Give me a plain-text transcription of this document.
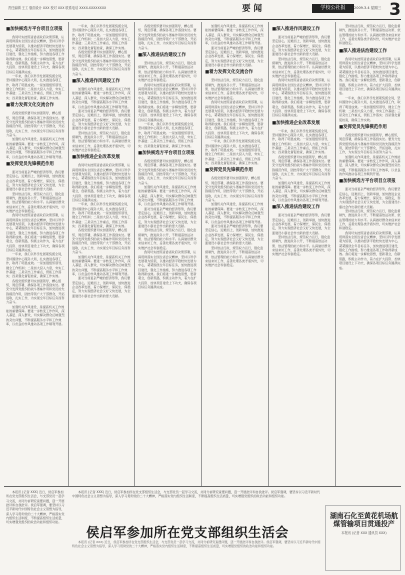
责任编辑 王工 版面设计 XXX 校对 XXX 联系电话 XXXX-XXXXXXXX	要 闻	学校公社报	2009.3.4 星期三 3

■加快候选方平台项目立项报

我局切实按照省委省政府决策部署，认真贯彻落实全国全省会议精神，坚持以科学发展观为统领，以推动经济平稳较快发展为中心，紧紧围绕全年目标任务，加快推进项目建设，强化工作措施，努力推进各项工作取得新成效。我们将进一步解放思想，更新观念，创新思路，积极主动作为，着力在扩大投资、加快项目建设上下功夫，确保各项目标任务圆满完成。

一年来，我们以科学发展观统揽全局，坚持围绕中心服务大局，扎实推进各项工作，取得了明显成效。一是加强组织领导，健全工作机制；二是加大投入力度，夯实工作基础；三是突出工作重点，狠抓工作落实；四是强化督促检查，确保工作实效。

■着力发挥文化交流合作

各级党组织要切实加强领导，精心组织，周密部署，确保各项工作落到实处。要充分发挥党组织的战斗堡垒作用和党员的先锋模范作用，团结带领广大干部群众，开拓进取，扎实工作，为实现全年目标任务而努力奋斗。

加强机关作风建设，是提高机关工作效能的重要保障。要进一步转变工作作风，深入基层、深入群众，切实解决群众反映强烈的突出问题，不断提高服务水平和工作效率，以优良的作风推动各项工作顺利开展。

■发挥党员先锋模范作用

面对当前复杂严峻的经济形势，我们要坚定信心，迎难而上，创新举措，加快推进企业改革发展，着力保增长、保民生、保稳定，努力实现经济社会又好又快发展，为全面建设小康社会作出新的更大贡献。

坚持依法行政，规范权力运行，强化监督制约，推进政务公开，不断提高依法决策、依法管理的能力和水平。认真做好群众来信来访工作，妥善处理各类矛盾纠纷，切实维护社会和谐稳定。

我局切实按照省委省政府决策部署，认真贯彻落实全国全省会议精神，坚持以科学发展观为统领，以推动经济平稳较快发展为中心，紧紧围绕全年目标任务，加快推进项目建设，强化工作措施，努力推进各项工作取得新成效。我们将进一步解放思想，更新观念，创新思路，积极主动作为，着力在扩大投资、加快项目建设上下功夫，确保各项目标任务圆满完成。

一年来，我们以科学发展观统揽全局，坚持围绕中心服务大局，扎实推进各项工作，取得了明显成效。一是加强组织领导，健全工作机制；二是加大投入力度，夯实工作基础；三是突出工作重点，狠抓工作落实；四是强化督促检查，确保工作实效。

各级党组织要切实加强领导，精心组织，周密部署，确保各项工作落到实处。要充分发挥党组织的战斗堡垒作用和党员的先锋模范作用，团结带领广大干部群众，开拓进取，扎实工作，为实现全年目标任务而努力奋斗。

加强机关作风建设，是提高机关工作效能的重要保障。要进一步转变工作作风，深入基层、深入群众，切实解决群众反映强烈的突出问题，不断提高服务水平和工作效率，以优良的作风推动各项工作顺利开展。

一年来，我们以科学发展观统揽全局，坚持围绕中心服务大局，扎实推进各项工作，取得了明显成效。一是加强组织领导，健全工作机制；二是加大投入力度，夯实工作基础；三是突出工作重点，狠抓工作落实；四是强化督促检查，确保工作实效。

各级党组织要切实加强领导，精心组织，周密部署，确保各项工作落到实处。要充分发挥党组织的战斗堡垒作用和党员的先锋模范作用，团结带领广大干部群众，开拓进取，扎实工作，为实现全年目标任务而努力奋斗。

■深入推进作风建设工作

加强机关作风建设，是提高机关工作效能的重要保障。要进一步转变工作作风，深入基层、深入群众，切实解决群众反映强烈的突出问题，不断提高服务水平和工作效率，以优良的作风推动各项工作顺利开展。

面对当前复杂严峻的经济形势，我们要坚定信心，迎难而上，创新举措，加快推进企业改革发展，着力保增长、保民生、保稳定，努力实现经济社会又好又快发展，为全面建设小康社会作出新的更大贡献。

坚持依法行政，规范权力运行，强化监督制约，推进政务公开，不断提高依法决策、依法管理的能力和水平。认真做好群众来信来访工作，妥善处理各类矛盾纠纷，切实维护社会和谐稳定。

■加快推进企业改革发展

我局切实按照省委省政府决策部署，认真贯彻落实全国全省会议精神，坚持以科学发展观为统领，以推动经济平稳较快发展为中心，紧紧围绕全年目标任务，加快推进项目建设，强化工作措施，努力推进各项工作取得新成效。我们将进一步解放思想，更新观念，创新思路，积极主动作为，着力在扩大投资、加快项目建设上下功夫，确保各项目标任务圆满完成。

一年来，我们以科学发展观统揽全局，坚持围绕中心服务大局，扎实推进各项工作，取得了明显成效。一是加强组织领导，健全工作机制；二是加大投入力度，夯实工作基础；三是突出工作重点，狠抓工作落实；四是强化督促检查，确保工作实效。

各级党组织要切实加强领导，精心组织，周密部署，确保各项工作落到实处。要充分发挥党组织的战斗堡垒作用和党员的先锋模范作用，团结带领广大干部群众，开拓进取，扎实工作，为实现全年目标任务而努力奋斗。

加强机关作风建设，是提高机关工作效能的重要保障。要进一步转变工作作风，深入基层、深入群众，切实解决群众反映强烈的突出问题，不断提高服务水平和工作效率，以优良的作风推动各项工作顺利开展。

面对当前复杂严峻的经济形势，我们要坚定信心，迎难而上，创新举措，加快推进企业改革发展，着力保增长、保民生、保稳定，努力实现经济社会又好又快发展，为全面建设小康社会作出新的更大贡献。

各级党组织要切实加强领导，精心组织，周密部署，确保各项工作落到实处。要充分发挥党组织的战斗堡垒作用和党员的先锋模范作用，团结带领广大干部群众，开拓进取，扎实工作，为实现全年目标任务而努力奋斗。

■深入推进法治建设工作

坚持依法行政，规范权力运行，强化监督制约，推进政务公开，不断提高依法决策、依法管理的能力和水平。认真做好群众来信来访工作，妥善处理各类矛盾纠纷，切实维护社会和谐稳定。

我局切实按照省委省政府决策部署，认真贯彻落实全国全省会议精神，坚持以科学发展观为统领，以推动经济平稳较快发展为中心，紧紧围绕全年目标任务，加快推进项目建设，强化工作措施，努力推进各项工作取得新成效。我们将进一步解放思想，更新观念，创新思路，积极主动作为，着力在扩大投资、加快项目建设上下功夫，确保各项目标任务圆满完成。

一年来，我们以科学发展观统揽全局，坚持围绕中心服务大局，扎实推进各项工作，取得了明显成效。一是加强组织领导，健全工作机制；二是加大投入力度，夯实工作基础；三是突出工作重点，狠抓工作落实；四是强化督促检查，确保工作实效。

■加快候选方平台项目立项报

各级党组织要切实加强领导，精心组织，周密部署，确保各项工作落到实处。要充分发挥党组织的战斗堡垒作用和党员的先锋模范作用，团结带领广大干部群众，开拓进取，扎实工作，为实现全年目标任务而努力奋斗。

加强机关作风建设，是提高机关工作效能的重要保障。要进一步转变工作作风，深入基层、深入群众，切实解决群众反映强烈的突出问题，不断提高服务水平和工作效率，以优良的作风推动各项工作顺利开展。

面对当前复杂严峻的经济形势，我们要坚定信心，迎难而上，创新举措，加快推进企业改革发展，着力保增长、保民生、保稳定，努力实现经济社会又好又快发展，为全面建设小康社会作出新的更大贡献。

坚持依法行政，规范权力运行，强化监督制约，推进政务公开，不断提高依法决策、依法管理的能力和水平。认真做好群众来信来访工作，妥善处理各类矛盾纠纷，切实维护社会和谐稳定。

我局切实按照省委省政府决策部署，认真贯彻落实全国全省会议精神，坚持以科学发展观为统领，以推动经济平稳较快发展为中心，紧紧围绕全年目标任务，加快推进项目建设，强化工作措施，努力推进各项工作取得新成效。我们将进一步解放思想，更新观念，创新思路，积极主动作为，着力在扩大投资、加快项目建设上下功夫，确保各项目标任务圆满完成。

加强机关作风建设，是提高机关工作效能的重要保障。要进一步转变工作作风，深入基层、深入群众，切实解决群众反映强烈的突出问题，不断提高服务水平和工作效率，以优良的作风推动各项工作顺利开展。

面对当前复杂严峻的经济形势，我们要坚定信心，迎难而上，创新举措，加快推进企业改革发展，着力保增长、保民生、保稳定，努力实现经济社会又好又快发展，为全面建设小康社会作出新的更大贡献。

■着力发挥文化交流合作

坚持依法行政，规范权力运行，强化监督制约，推进政务公开，不断提高依法决策、依法管理的能力和水平。认真做好群众来信来访工作，妥善处理各类矛盾纠纷，切实维护社会和谐稳定。

我局切实按照省委省政府决策部署，认真贯彻落实全国全省会议精神，坚持以科学发展观为统领，以推动经济平稳较快发展为中心，紧紧围绕全年目标任务，加快推进项目建设，强化工作措施，努力推进各项工作取得新成效。我们将进一步解放思想，更新观念，创新思路，积极主动作为，着力在扩大投资、加快项目建设上下功夫，确保各项目标任务圆满完成。

一年来，我们以科学发展观统揽全局，坚持围绕中心服务大局，扎实推进各项工作，取得了明显成效。一是加强组织领导，健全工作机制；二是加大投入力度，夯实工作基础；三是突出工作重点，狠抓工作落实；四是强化督促检查，确保工作实效。

■发挥党员先锋模范作用

各级党组织要切实加强领导，精心组织，周密部署，确保各项工作落到实处。要充分发挥党组织的战斗堡垒作用和党员的先锋模范作用，团结带领广大干部群众，开拓进取，扎实工作，为实现全年目标任务而努力奋斗。

加强机关作风建设，是提高机关工作效能的重要保障。要进一步转变工作作风，深入基层、深入群众，切实解决群众反映强烈的突出问题，不断提高服务水平和工作效率，以优良的作风推动各项工作顺利开展。

面对当前复杂严峻的经济形势，我们要坚定信心，迎难而上，创新举措，加快推进企业改革发展，着力保增长、保民生、保稳定，努力实现经济社会又好又快发展，为全面建设小康社会作出新的更大贡献。

坚持依法行政，规范权力运行，强化监督制约，推进政务公开，不断提高依法决策、依法管理的能力和水平。认真做好群众来信来访工作，妥善处理各类矛盾纠纷，切实维护社会和谐稳定。

■深入推进作风建设工作

面对当前复杂严峻的经济形势，我们要坚定信心，迎难而上，创新举措，加快推进企业改革发展，着力保增长、保民生、保稳定，努力实现经济社会又好又快发展，为全面建设小康社会作出新的更大贡献。

坚持依法行政，规范权力运行，强化监督制约，推进政务公开，不断提高依法决策、依法管理的能力和水平。认真做好群众来信来访工作，妥善处理各类矛盾纠纷，切实维护社会和谐稳定。

我局切实按照省委省政府决策部署，认真贯彻落实全国全省会议精神，坚持以科学发展观为统领，以推动经济平稳较快发展为中心，紧紧围绕全年目标任务，加快推进项目建设，强化工作措施，努力推进各项工作取得新成效。我们将进一步解放思想，更新观念，创新思路，积极主动作为，着力在扩大投资、加快项目建设上下功夫，确保各项目标任务圆满完成。

■加快推进企业改革发展

一年来，我们以科学发展观统揽全局，坚持围绕中心服务大局，扎实推进各项工作，取得了明显成效。一是加强组织领导，健全工作机制；二是加大投入力度，夯实工作基础；三是突出工作重点，狠抓工作落实；四是强化督促检查，确保工作实效。

各级党组织要切实加强领导，精心组织，周密部署，确保各项工作落到实处。要充分发挥党组织的战斗堡垒作用和党员的先锋模范作用，团结带领广大干部群众，开拓进取，扎实工作，为实现全年目标任务而努力奋斗。

加强机关作风建设，是提高机关工作效能的重要保障。要进一步转变工作作风，深入基层、深入群众，切实解决群众反映强烈的突出问题，不断提高服务水平和工作效率，以优良的作风推动各项工作顺利开展。

■深入推进法治建设工作

面对当前复杂严峻的经济形势，我们要坚定信心，迎难而上，创新举措，加快推进企业改革发展，着力保增长、保民生、保稳定，努力实现经济社会又好又快发展，为全面建设小康社会作出新的更大贡献。

坚持依法行政，规范权力运行，强化监督制约，推进政务公开，不断提高依法决策、依法管理的能力和水平。认真做好群众来信来访工作，妥善处理各类矛盾纠纷，切实维护社会和谐稳定。

坚持依法行政，规范权力运行，强化监督制约，推进政务公开，不断提高依法决策、依法管理的能力和水平。认真做好群众来信来访工作，妥善处理各类矛盾纠纷，切实维护社会和谐稳定。

■深入推进法治建设工作

我局切实按照省委省政府决策部署，认真贯彻落实全国全省会议精神，坚持以科学发展观为统领，以推动经济平稳较快发展为中心，紧紧围绕全年目标任务，加快推进项目建设，强化工作措施，努力推进各项工作取得新成效。我们将进一步解放思想，更新观念，创新思路，积极主动作为，着力在扩大投资、加快项目建设上下功夫，确保各项目标任务圆满完成。

一年来，我们以科学发展观统揽全局，坚持围绕中心服务大局，扎实推进各项工作，取得了明显成效。一是加强组织领导，健全工作机制；二是加大投入力度，夯实工作基础；三是突出工作重点，狠抓工作落实；四是强化督促检查，确保工作实效。

■发挥党员先锋模范作用

各级党组织要切实加强领导，精心组织，周密部署，确保各项工作落到实处。要充分发挥党组织的战斗堡垒作用和党员的先锋模范作用，团结带领广大干部群众，开拓进取，扎实工作，为实现全年目标任务而努力奋斗。

加强机关作风建设，是提高机关工作效能的重要保障。要进一步转变工作作风，深入基层、深入群众，切实解决群众反映强烈的突出问题，不断提高服务水平和工作效率，以优良的作风推动各项工作顺利开展。

■加快候选方平台项目立项报

面对当前复杂严峻的经济形势，我们要坚定信心，迎难而上，创新举措，加快推进企业改革发展，着力保增长、保民生、保稳定，努力实现经济社会又好又快发展，为全面建设小康社会作出新的更大贡献。

坚持依法行政，规范权力运行，强化监督制约，推进政务公开，不断提高依法决策、依法管理的能力和水平。认真做好群众来信来访工作，妥善处理各类矛盾纠纷，切实维护社会和谐稳定。

我局切实按照省委省政府决策部署，认真贯彻落实全国全省会议精神，坚持以科学发展观为统领，以推动经济平稳较快发展为中心，紧紧围绕全年目标任务，加快推进项目建设，强化工作措施，努力推进各项工作取得新成效。我们将进一步解放思想，更新观念，创新思路，积极主动作为，着力在扩大投资、加快项目建设上下功夫，确保各项目标任务圆满完成。

本报讯 (记者 XXX) 近日，侯启军参加所在党支部组织生活会，与支部党员一起学习交流，共同分析研究查摆问题，逐一开展批评和自我批评。侯启军强调，要坚持以习近平新时代中国特色社会主义思想为指导，深入学习贯彻党的二十大精神，严格落实党内组织生活制度，不断提高组织生活质量，切实增强党组织的政治功能和组织功能。

本报讯 (记者 XXX) 近日，侯启军参加所在党支部组织生活会，与支部党员一起学习交流，共同分析研究查摆问题，逐一开展批评和自我批评。侯启军强调，要坚持以习近平新时代中国特色社会主义思想为指导，深入学习贯彻党的二十大精神，严格落实党内组织生活制度，不断提高组织生活质量，切实增强党组织的政治功能和组织功能。

侯启军参加所在党支部组织生活会

本报讯 (记者 XXX) 近日，侯启军参加所在党支部组织生活会，与支部党员一起学习交流，共同分析研究查摆问题，逐一开展批评和自我批评。侯启军强调，要坚持以习近平新时代中国特色社会主义思想为指导，深入学习贯彻党的二十大精神，严格落实党内组织生活制度，不断提高组织生活质量，切实增强党组织的政治功能和组织功能。

湖南石化至黄花机场航煤管输项目贯通投产
本报讯 (记者 XXX 通讯员 XXX)
